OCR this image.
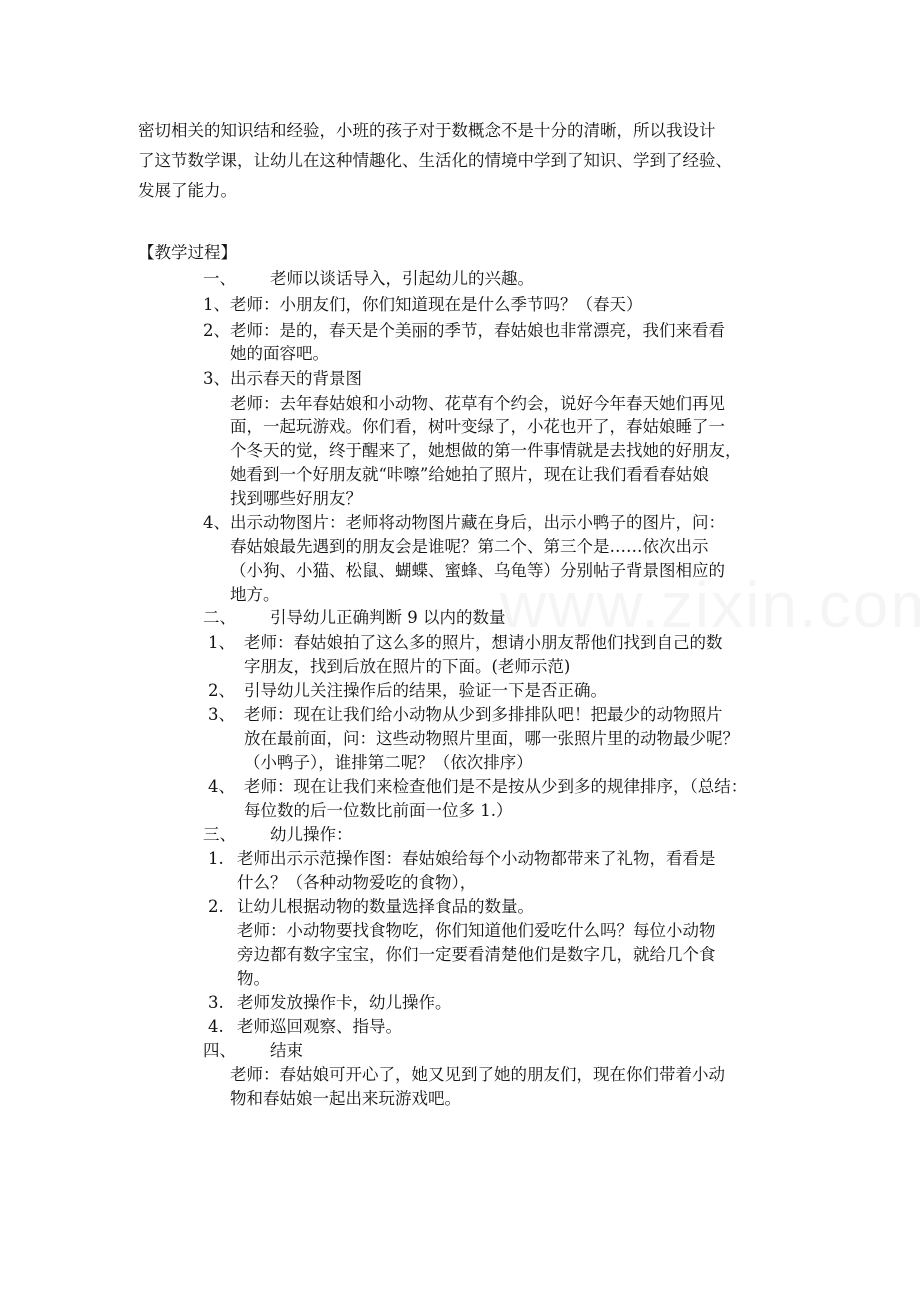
密切相关的知识结和经验，小班的孩子对于数概念不是十分的清晰，所以我设计
了这节数学课，让幼儿在这种情趣化、生活化的情境中学到了知识、学到了经验、
发展了能力。
【教学过程】
一、 老师以谈话导入，引起幼儿的兴趣。
1、 老师：小朋友们，你们知道现在是什么季节吗？（春天）
2、 老师：是的，春天是个美丽的季节，春姑娘也非常漂亮，我们来看看
她的面容吧。
3、 出示春天的背景图
老师：去年春姑娘和小动物、花草有个约会，说好今年春天她们再见
面，一起玩游戏。你们看，树叶变绿了，小花也开了，春姑娘睡了一
个冬天的觉，终于醒来了，她想做的第一件事情就是去找她的好朋友，
她看到一个好朋友就“咔嚓”给她拍了照片，现在让我们看看春姑娘
找到哪些好朋友？
4、 出示动物图片：老师将动物图片藏在身后，出示小鸭子的图片，问：
春姑娘最先遇到的朋友会是谁呢？第二个、第三个是……依次出示
（小狗、小猫、松鼠、蝴蝶、蜜蜂、乌龟等）分别帖子背景图相应的
地方。
二、 引导幼儿正确判断 9 以内的数量
1、 老师：春姑娘拍了这么多的照片，想请小朋友帮他们找到自己的数
字朋友，找到后放在照片的下面。(老师示范)
2、 引导幼儿关注操作后的结果，验证一下是否正确。
3、 老师：现在让我们给小动物从少到多排排队吧！把最少的动物照片
放在最前面，问：这些动物照片里面，哪一张照片里的动物最少呢？
（小鸭子），谁排第二呢？（依次排序）
4、 老师：现在让我们来检查他们是不是按从少到多的规律排序，（总结：
每位数的后一位数比前面一位多 1.）
三、 幼儿操作：
1. 老师出示示范操作图：春姑娘给每个小动物都带来了礼物，看看是
什么？（各种动物爱吃的食物），
2. 让幼儿根据动物的数量选择食品的数量。
老师：小动物要找食物吃，你们知道他们爱吃什么吗？每位小动物
旁边都有数字宝宝，你们一定要看清楚他们是数字几，就给几个食
物。
3. 老师发放操作卡，幼儿操作。
4. 老师巡回观察、指导。
四、 结束
老师：春姑娘可开心了，她又见到了她的朋友们，现在你们带着小动
物和春姑娘一起出来玩游戏吧。
